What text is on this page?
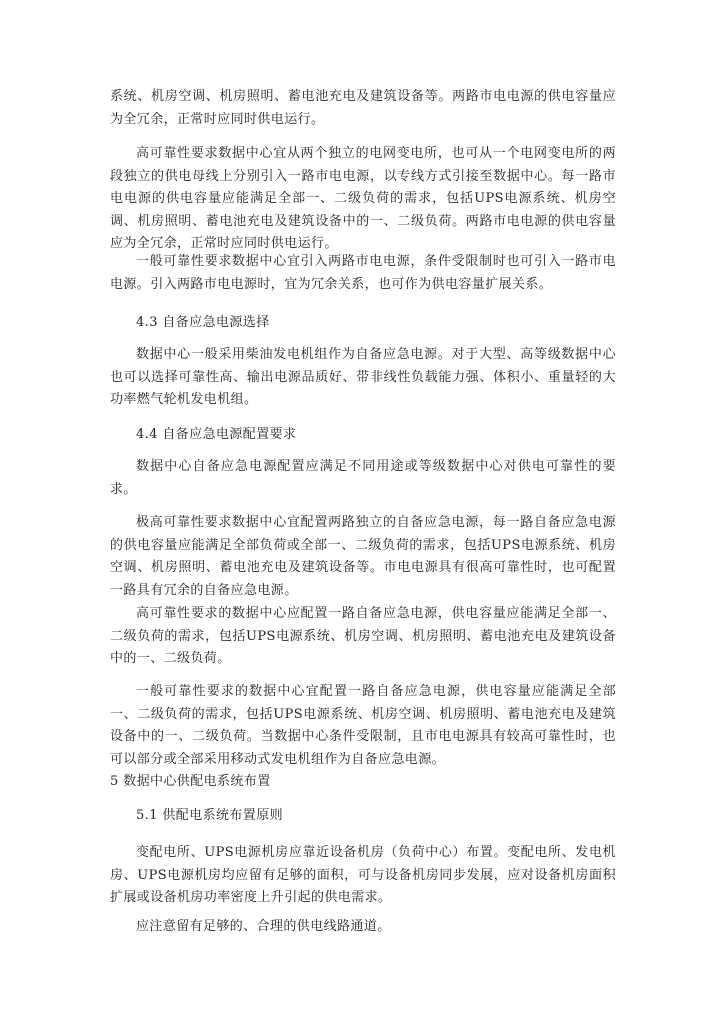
系统、机房空调、机房照明、蓄电池充电及建筑设备等。两路市电电源的供电容量应为全冗余，正常时应同时供电运行。

高可靠性要求数据中心宜从两个独立的电网变电所，也可从一个电网变电所的两段独立的供电母线上分别引入一路市电电源，以专线方式引接至数据中心。每一路市电电源的供电容量应能满足全部一、二级负荷的需求，包括UPS电源系统、机房空调、机房照明、蓄电池充电及建筑设备中的一、二级负荷。两路市电电源的供电容量应为全冗余，正常时应同时供电运行。

一般可靠性要求数据中心宜引入两路市电电源，条件受限制时也可引入一路市电电源。引入两路市电电源时，宜为冗余关系，也可作为供电容量扩展关系。

4.3 自备应急电源选择

数据中心一般采用柴油发电机组作为自备应急电源。对于大型、高等级数据中心也可以选择可靠性高、输出电源品质好、带非线性负载能力强、体积小、重量轻的大功率燃气轮机发电机组。

4.4 自备应急电源配置要求

数据中心自备应急电源配置应满足不同用途或等级数据中心对供电可靠性的要求。

极高可靠性要求数据中心宜配置两路独立的自备应急电源，每一路自备应急电源的供电容量应能满足全部负荷或全部一、二级负荷的需求，包括UPS电源系统、机房空调、机房照明、蓄电池充电及建筑设备等。市电电源具有很高可靠性时，也可配置一路具有冗余的自备应急电源。

高可靠性要求的数据中心应配置一路自备应急电源，供电容量应能满足全部一、二级负荷的需求，包括UPS电源系统、机房空调、机房照明、蓄电池充电及建筑设备中的一、二级负荷。

一般可靠性要求的数据中心宜配置一路自备应急电源，供电容量应能满足全部一、二级负荷的需求，包括UPS电源系统、机房空调、机房照明、蓄电池充电及建筑设备中的一、二级负荷。当数据中心条件受限制，且市电电源具有较高可靠性时，也可以部分或全部采用移动式发电机组作为自备应急电源。

5 数据中心供配电系统布置

5.1 供配电系统布置原则

变配电所、UPS电源机房应靠近设备机房（负荷中心）布置。变配电所、发电机房、UPS电源机房均应留有足够的面积，可与设备机房同步发展，应对设备机房面积扩展或设备机房功率密度上升引起的供电需求。

应注意留有足够的、合理的供电线路通道。
